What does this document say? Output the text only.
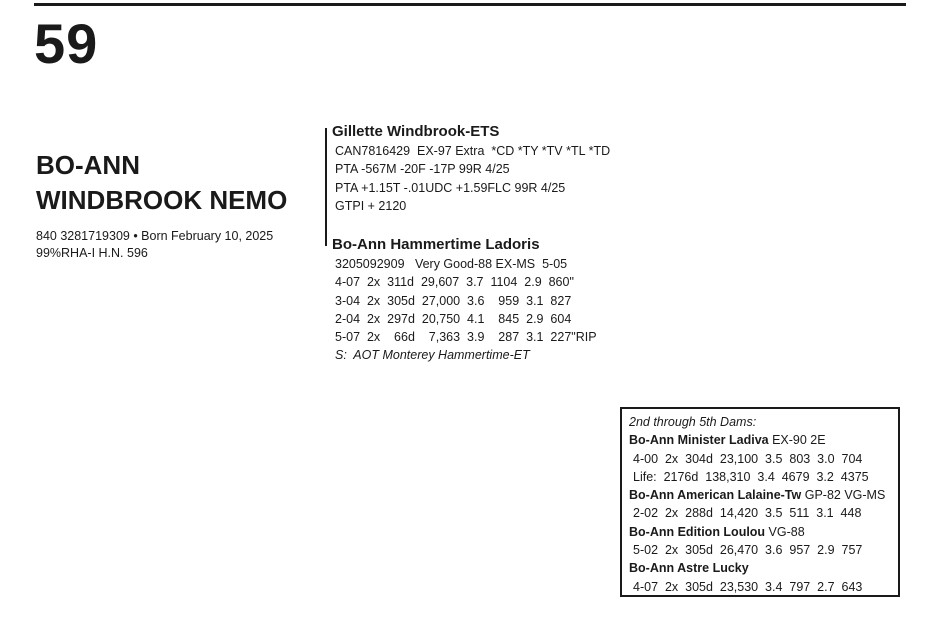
59
BO-ANN
WINDBROOK NEMO
840 3281719309 • Born February 10, 2025
99%RHA-I H.N. 596
Gillette Windbrook-ETS
CAN7816429  EX-97 Extra  *CD *TY *TV *TL *TD
PTA -567M -20F -17P 99R 4/25
PTA +1.15T -.01UDC +1.59FLC 99R 4/25
GTPI + 2120
Bo-Ann Hammertime Ladoris
3205092909   Very Good-88 EX-MS  5-05
4-07  2x  311d  29,607  3.7  1104  2.9  860"
3-04  2x  305d  27,000  3.6    959  3.1  827
2-04  2x  297d  20,750  4.1    845  2.9  604
5-07  2x    66d    7,363  3.9    287  3.1  227"RIP
S:  AOT Monterey Hammertime-ET
2nd through 5th Dams:
Bo-Ann Minister Ladiva EX-90 2E
4-00  2x  304d  23,100  3.5  803  3.0  704
Life:  2176d  138,310  3.4  4679  3.2  4375
Bo-Ann American Lalaine-Tw GP-82 VG-MS
2-02  2x  288d  14,420  3.5  511  3.1  448
Bo-Ann Edition Loulou VG-88
5-02  2x  305d  26,470  3.6  957  2.9  757
Bo-Ann Astre Lucky
4-07  2x  305d  23,530  3.4  797  2.7  643
